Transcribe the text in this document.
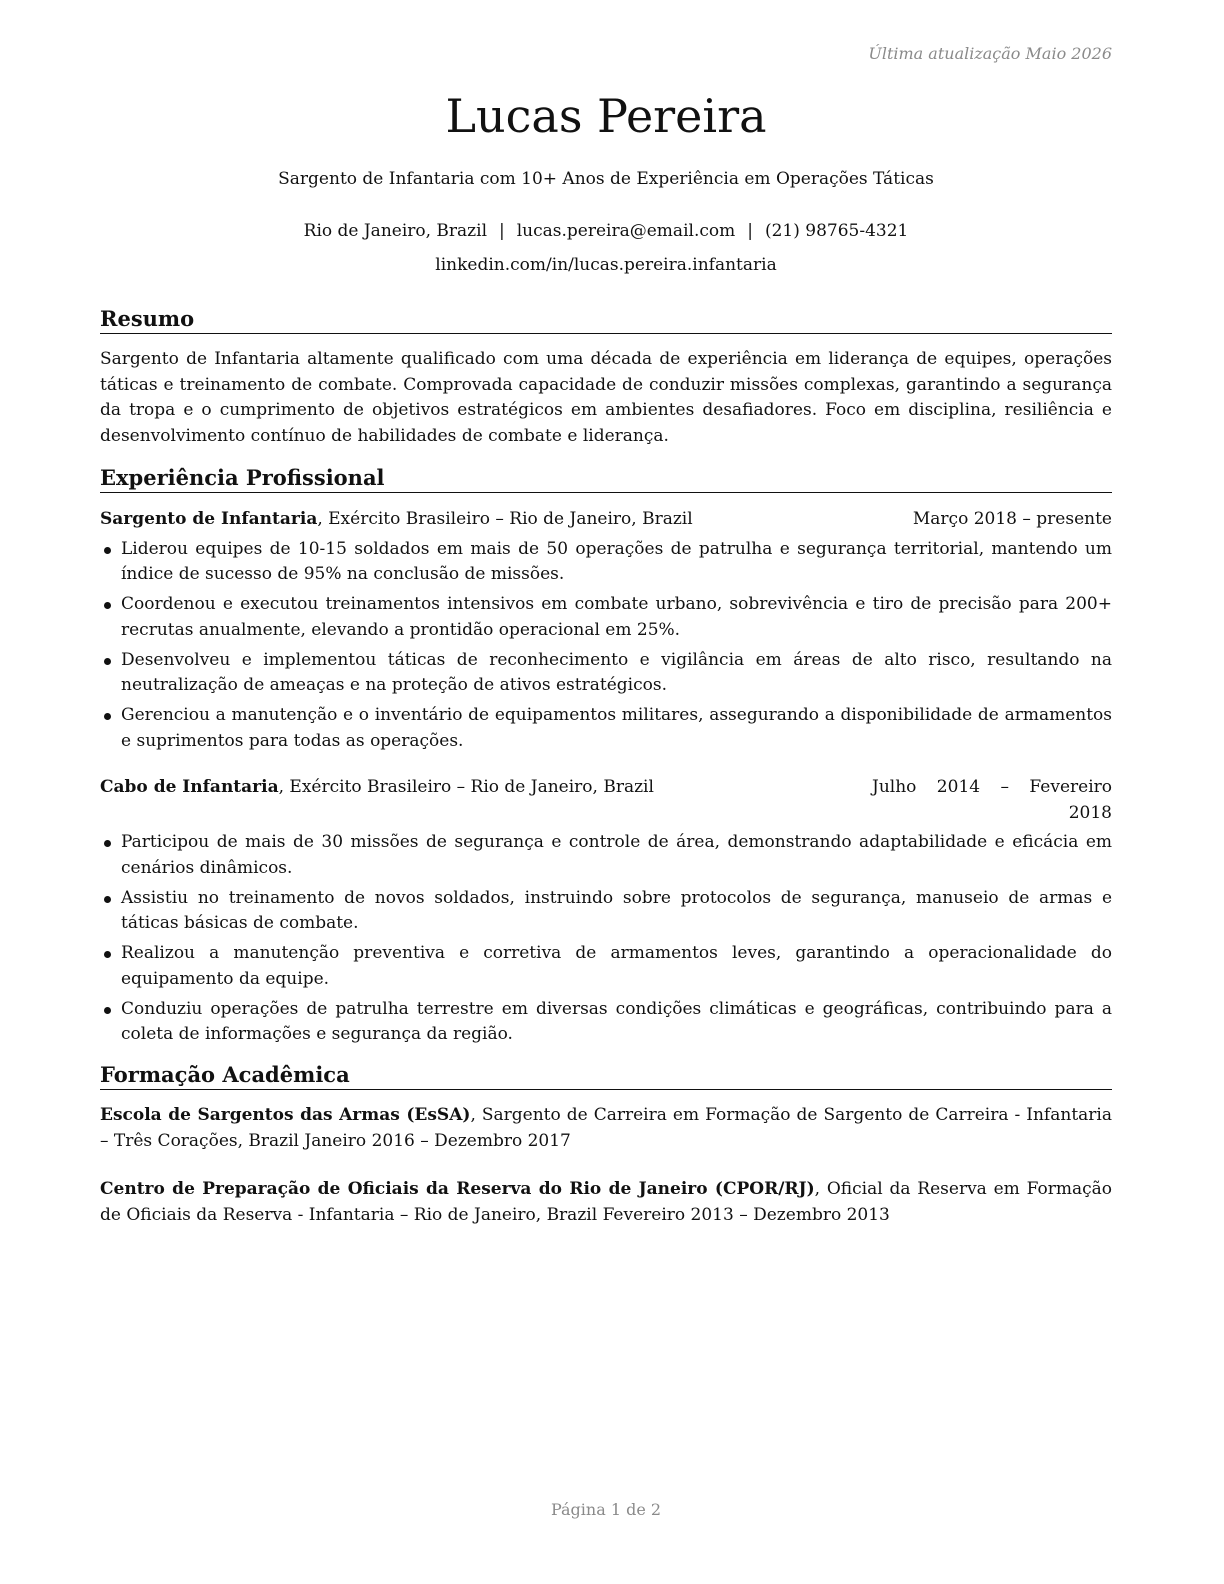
Última atualização Maio 2026
Lucas Pereira
Sargento de Infantaria com 10+ Anos de Experiência em Operações Táticas
Rio de Janeiro, Brazil | lucas.pereira@email.com | (21) 98765-4321
linkedin.com/in/lucas.pereira.infantaria
Resumo

Sargento de Infantaria altamente qualificado com uma década de experiência em liderança de equipes, operações táticas e treinamento de combate. Comprovada capacidade de conduzir missões complexas, garantindo a segurança da tropa e o cumprimento de objetivos estratégicos em ambientes desafiadores. Foco em disciplina, resiliência e desenvolvimento contínuo de habilidades de combate e liderança.

Experiência Profissional
Sargento de Infantaria, Exército Brasileiro – Rio de Janeiro, Brazil	Março 2018 – presente
Liderou equipes de 10-15 soldados em mais de 50 operações de patrulha e segurança territorial, mantendo um índice de sucesso de 95% na conclusão de missões.
Coordenou e executou treinamentos intensivos em combate urbano, sobrevivência e tiro de precisão para 200+ recrutas anualmente, elevando a prontidão operacional em 25%.
Desenvolveu e implementou táticas de reconhecimento e vigilância em áreas de alto risco, resultando na neutralização de ameaças e na proteção de ativos estratégicos.
Gerenciou a manutenção e o inventário de equipamentos militares, assegurando a disponibilidade de armamentos e suprimentos para todas as operações.
Cabo de Infantaria, Exército Brasileiro – Rio de Janeiro, Brazil	Julho 2014 – Fevereiro 2018
Participou de mais de 30 missões de segurança e controle de área, demonstrando adaptabilidade e eficácia em cenários dinâmicos.
Assistiu no treinamento de novos soldados, instruindo sobre protocolos de segurança, manuseio de armas e táticas básicas de combate.
Realizou a manutenção preventiva e corretiva de armamentos leves, garantindo a operacionalidade do equipamento da equipe.
Conduziu operações de patrulha terrestre em diversas condições climáticas e geográficas, contribuindo para a coleta de informações e segurança da região.
Formação Acadêmica
Escola de Sargentos das Armas (EsSA), Sargento de Carreira em Formação de Sargento de Carreira - Infantaria – Três Corações, Brazil Janeiro 2016 – Dezembro 2017
Centro de Preparação de Oficiais da Reserva do Rio de Janeiro (CPOR/RJ), Oficial da Reserva em Formação de Oficiais da Reserva - Infantaria – Rio de Janeiro, Brazil Fevereiro 2013 – Dezembro 2013
Página 1 de 2
